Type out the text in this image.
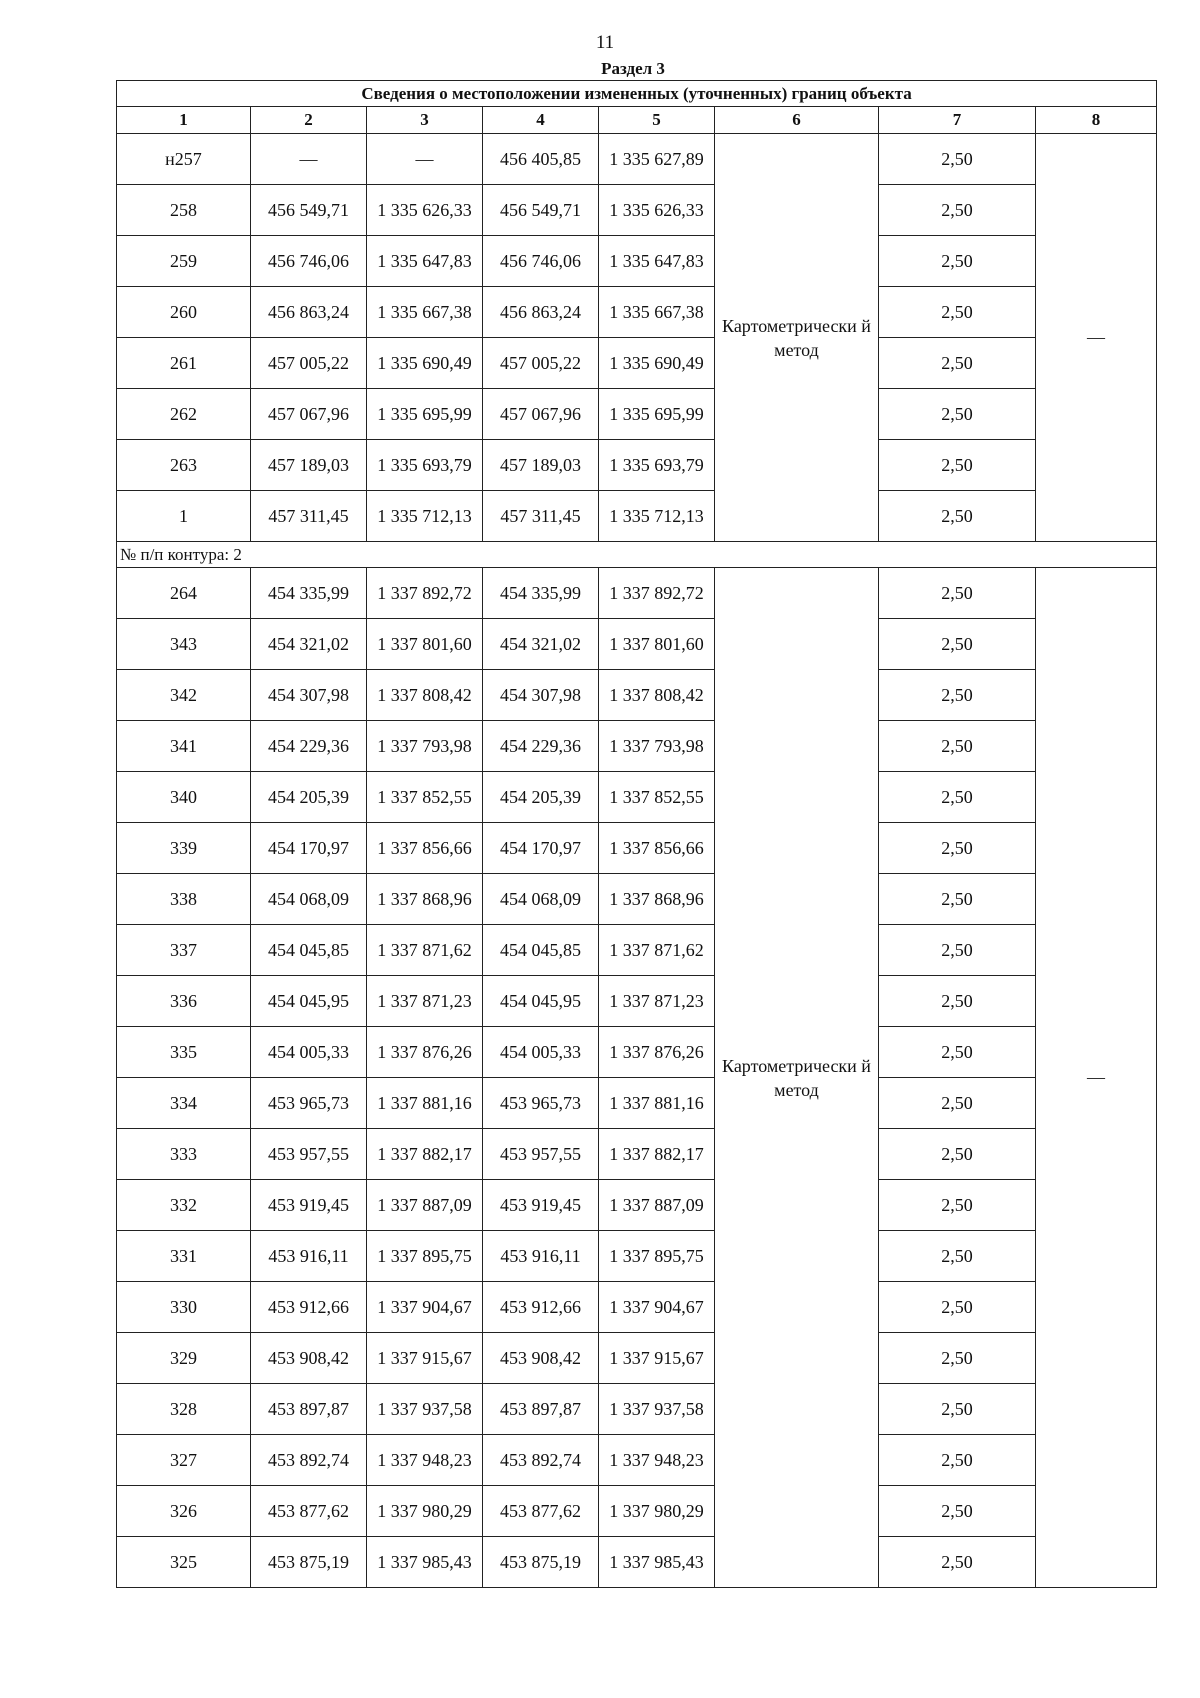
11
Раздел 3
Сведения о местоположении измененных (уточненных) границ объекта							
1	2	3	4	5	6	7	8
н257	—	—	456 405,85	1 335 627,89	Картометрически й метод	2,50	—
258	456 549,71	1 335 626,33	456 549,71	1 335 626,33		2,50	
259	456 746,06	1 335 647,83	456 746,06	1 335 647,83		2,50	
260	456 863,24	1 335 667,38	456 863,24	1 335 667,38		2,50	
261	457 005,22	1 335 690,49	457 005,22	1 335 690,49		2,50	
262	457 067,96	1 335 695,99	457 067,96	1 335 695,99		2,50	
263	457 189,03	1 335 693,79	457 189,03	1 335 693,79		2,50	
1	457 311,45	1 335 712,13	457 311,45	1 335 712,13		2,50	
№ п/п контура: 2							
264	454 335,99	1 337 892,72	454 335,99	1 337 892,72	Картометрически й метод	2,50	—
343	454 321,02	1 337 801,60	454 321,02	1 337 801,60		2,50	
342	454 307,98	1 337 808,42	454 307,98	1 337 808,42		2,50	
341	454 229,36	1 337 793,98	454 229,36	1 337 793,98		2,50	
340	454 205,39	1 337 852,55	454 205,39	1 337 852,55		2,50	
339	454 170,97	1 337 856,66	454 170,97	1 337 856,66		2,50	
338	454 068,09	1 337 868,96	454 068,09	1 337 868,96		2,50	
337	454 045,85	1 337 871,62	454 045,85	1 337 871,62		2,50	
336	454 045,95	1 337 871,23	454 045,95	1 337 871,23		2,50	
335	454 005,33	1 337 876,26	454 005,33	1 337 876,26		2,50	
334	453 965,73	1 337 881,16	453 965,73	1 337 881,16		2,50	
333	453 957,55	1 337 882,17	453 957,55	1 337 882,17		2,50	
332	453 919,45	1 337 887,09	453 919,45	1 337 887,09		2,50	
331	453 916,11	1 337 895,75	453 916,11	1 337 895,75		2,50	
330	453 912,66	1 337 904,67	453 912,66	1 337 904,67		2,50	
329	453 908,42	1 337 915,67	453 908,42	1 337 915,67		2,50	
328	453 897,87	1 337 937,58	453 897,87	1 337 937,58		2,50	
327	453 892,74	1 337 948,23	453 892,74	1 337 948,23		2,50	
326	453 877,62	1 337 980,29	453 877,62	1 337 980,29		2,50	
325	453 875,19	1 337 985,43	453 875,19	1 337 985,43		2,50	
